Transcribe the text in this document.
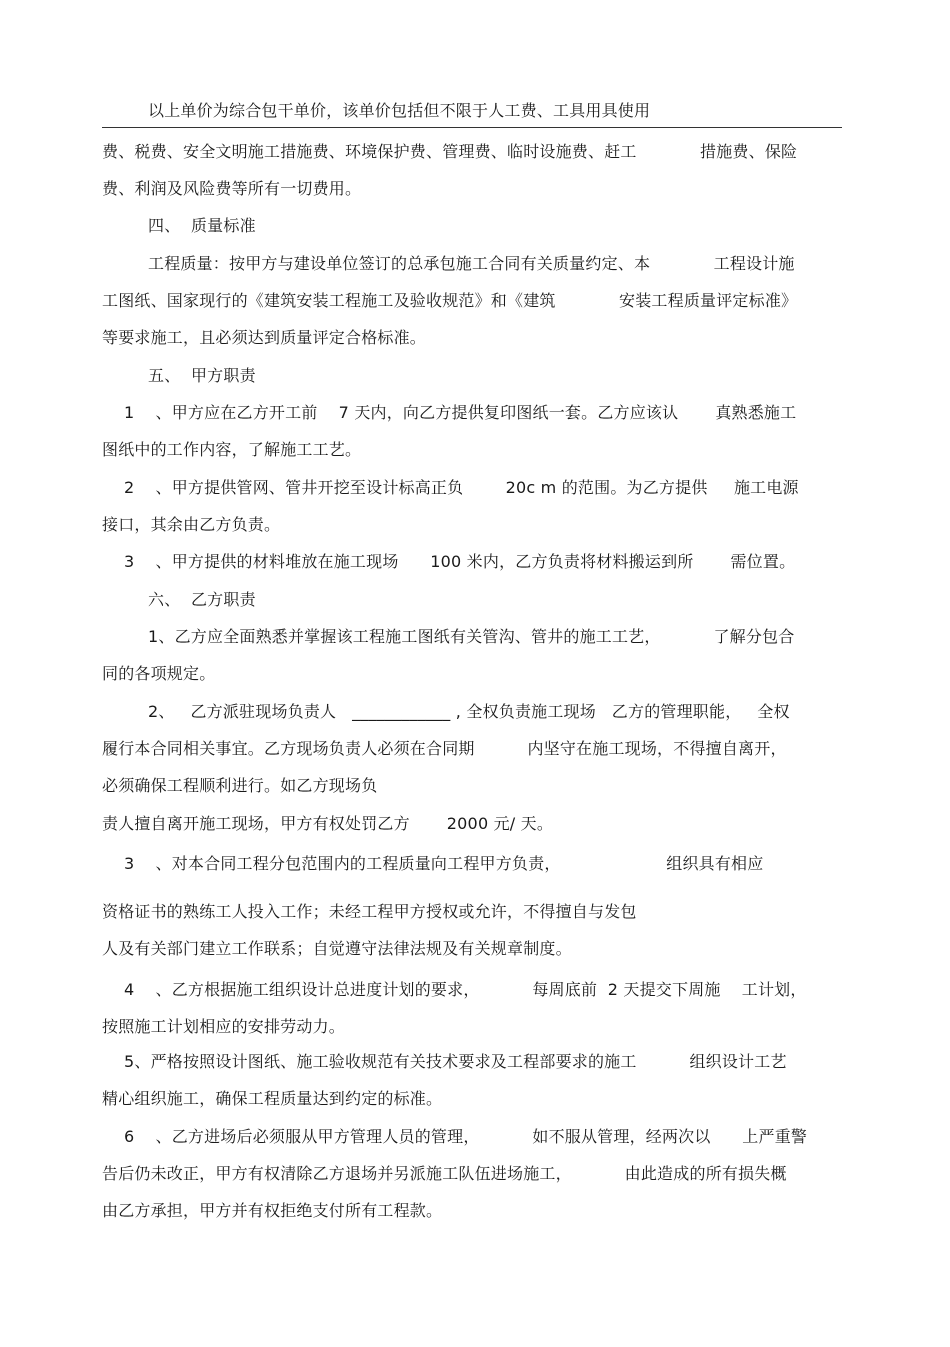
以上单价为综合包干单价，该单价包括但不限于人工费、工具用具使用
费、税费、安全文明施工措施费、环境保护费、管理费、临时设施费、赶工            措施费、保险
费、利润及风险费等所有一切费用。
四、  质量标准
工程质量：按甲方与建设单位签订的总承包施工合同有关质量约定、本            工程设计施
工图纸、国家现行的《建筑安装工程施工及验收规范》和《建筑            安装工程质量评定标准》
等要求施工，且必须达到质量评定合格标准。
五、  甲方职责
1    、甲方应在乙方开工前    7 天内，向乙方提供复印图纸一套。乙方应该认       真熟悉施工
图纸中的工作内容，了解施工工艺。
2    、甲方提供管网、管井开挖至设计标高正负        20c m 的范围。为乙方提供     施工电源
接口，其余由乙方负责。
3    、甲方提供的材料堆放在施工现场      100 米内，乙方负责将材料搬运到所       需位置。
六、  乙方职责
1、乙方应全面熟悉并掌握该工程施工图纸有关管沟、管井的施工工艺，          了解分包合
同的各项规定。
2、   乙方派驻现场负责人   ____________ , 全权负责施工现场   乙方的管理职能，   全权
履行本合同相关事宜。乙方现场负责人必须在合同期          内坚守在施工现场，不得擅自离开，
必须确保工程顺利进行。如乙方现场负
责人擅自离开施工现场，甲方有权处罚乙方       2000 元/ 天。
3    、对本合同工程分包范围内的工程质量向工程甲方负责，                    组织具有相应
资格证书的熟练工人投入工作；未经工程甲方授权或允许，不得擅自与发包
人及有关部门建立工作联系；自觉遵守法律法规及有关规章制度。
4    、乙方根据施工组织设计总进度计划的要求，          每周底前  2 天提交下周施    工计划，
按照施工计划相应的安排劳动力。
5、严格按照设计图纸、施工验收规范有关技术要求及工程部要求的施工          组织设计工艺
精心组织施工，确保工程质量达到约定的标准。
6    、乙方进场后必须服从甲方管理人员的管理，          如不服从管理，经两次以      上严重警
告后仍未改正，甲方有权清除乙方退场并另派施工队伍进场施工，          由此造成的所有损失概
由乙方承担，甲方并有权拒绝支付所有工程款。
